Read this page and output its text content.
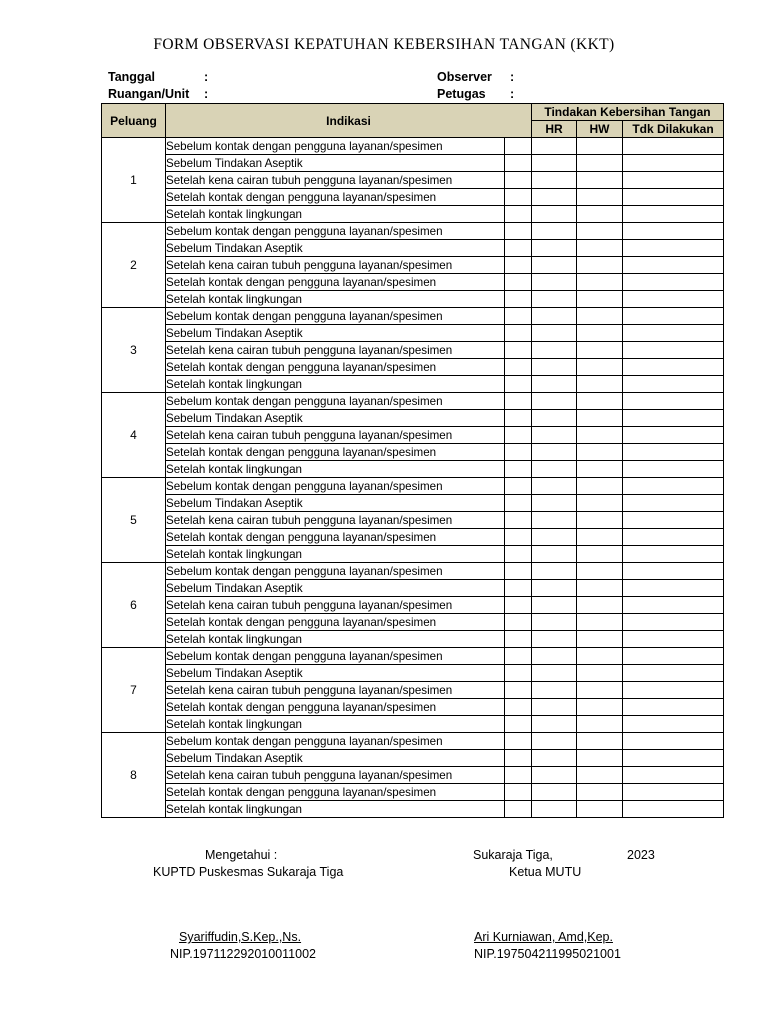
FORM OBSERVASI KEPATUHAN KEBERSIHAN TANGAN (KKT)
Tanggal	:
Ruangan/Unit :
Observer :
Petugas :
Peluang	Indikasi		Tindakan Kebersihan Tangan		
			HR	HW	Tdk Dilakukan
1	Sebelum kontak dengan pengguna layanan/spesimen				
	Sebelum Tindakan Aseptik				
	Setelah kena cairan tubuh pengguna layanan/spesimen				
	Setelah kontak dengan pengguna layanan/spesimen				
	Setelah kontak lingkungan				
2	Sebelum kontak dengan pengguna layanan/spesimen				
	Sebelum Tindakan Aseptik				
	Setelah kena cairan tubuh pengguna layanan/spesimen				
	Setelah kontak dengan pengguna layanan/spesimen				
	Setelah kontak lingkungan				
3	Sebelum kontak dengan pengguna layanan/spesimen				
	Sebelum Tindakan Aseptik				
	Setelah kena cairan tubuh pengguna layanan/spesimen				
	Setelah kontak dengan pengguna layanan/spesimen				
	Setelah kontak lingkungan				
4	Sebelum kontak dengan pengguna layanan/spesimen				
	Sebelum Tindakan Aseptik				
	Setelah kena cairan tubuh pengguna layanan/spesimen				
	Setelah kontak dengan pengguna layanan/spesimen				
	Setelah kontak lingkungan				
5	Sebelum kontak dengan pengguna layanan/spesimen				
	Sebelum Tindakan Aseptik				
	Setelah kena cairan tubuh pengguna layanan/spesimen				
	Setelah kontak dengan pengguna layanan/spesimen				
	Setelah kontak lingkungan				
6	Sebelum kontak dengan pengguna layanan/spesimen				
	Sebelum Tindakan Aseptik				
	Setelah kena cairan tubuh pengguna layanan/spesimen				
	Setelah kontak dengan pengguna layanan/spesimen				
	Setelah kontak lingkungan				
7	Sebelum kontak dengan pengguna layanan/spesimen				
	Sebelum Tindakan Aseptik				
	Setelah kena cairan tubuh pengguna layanan/spesimen				
	Setelah kontak dengan pengguna layanan/spesimen				
	Setelah kontak lingkungan				
8	Sebelum kontak dengan pengguna layanan/spesimen				
	Sebelum Tindakan Aseptik				
	Setelah kena cairan tubuh pengguna layanan/spesimen				
	Setelah kontak dengan pengguna layanan/spesimen				
	Setelah kontak lingkungan				
Mengetahui :
KUPTD Puskesmas Sukaraja Tiga
Sukaraja Tiga,	2023
Ketua MUTU
Syariffudin,S.Kep.,Ns.
NIP.197112292010011002
Ari Kurniawan, Amd,Kep.
NIP.197504211995021001
